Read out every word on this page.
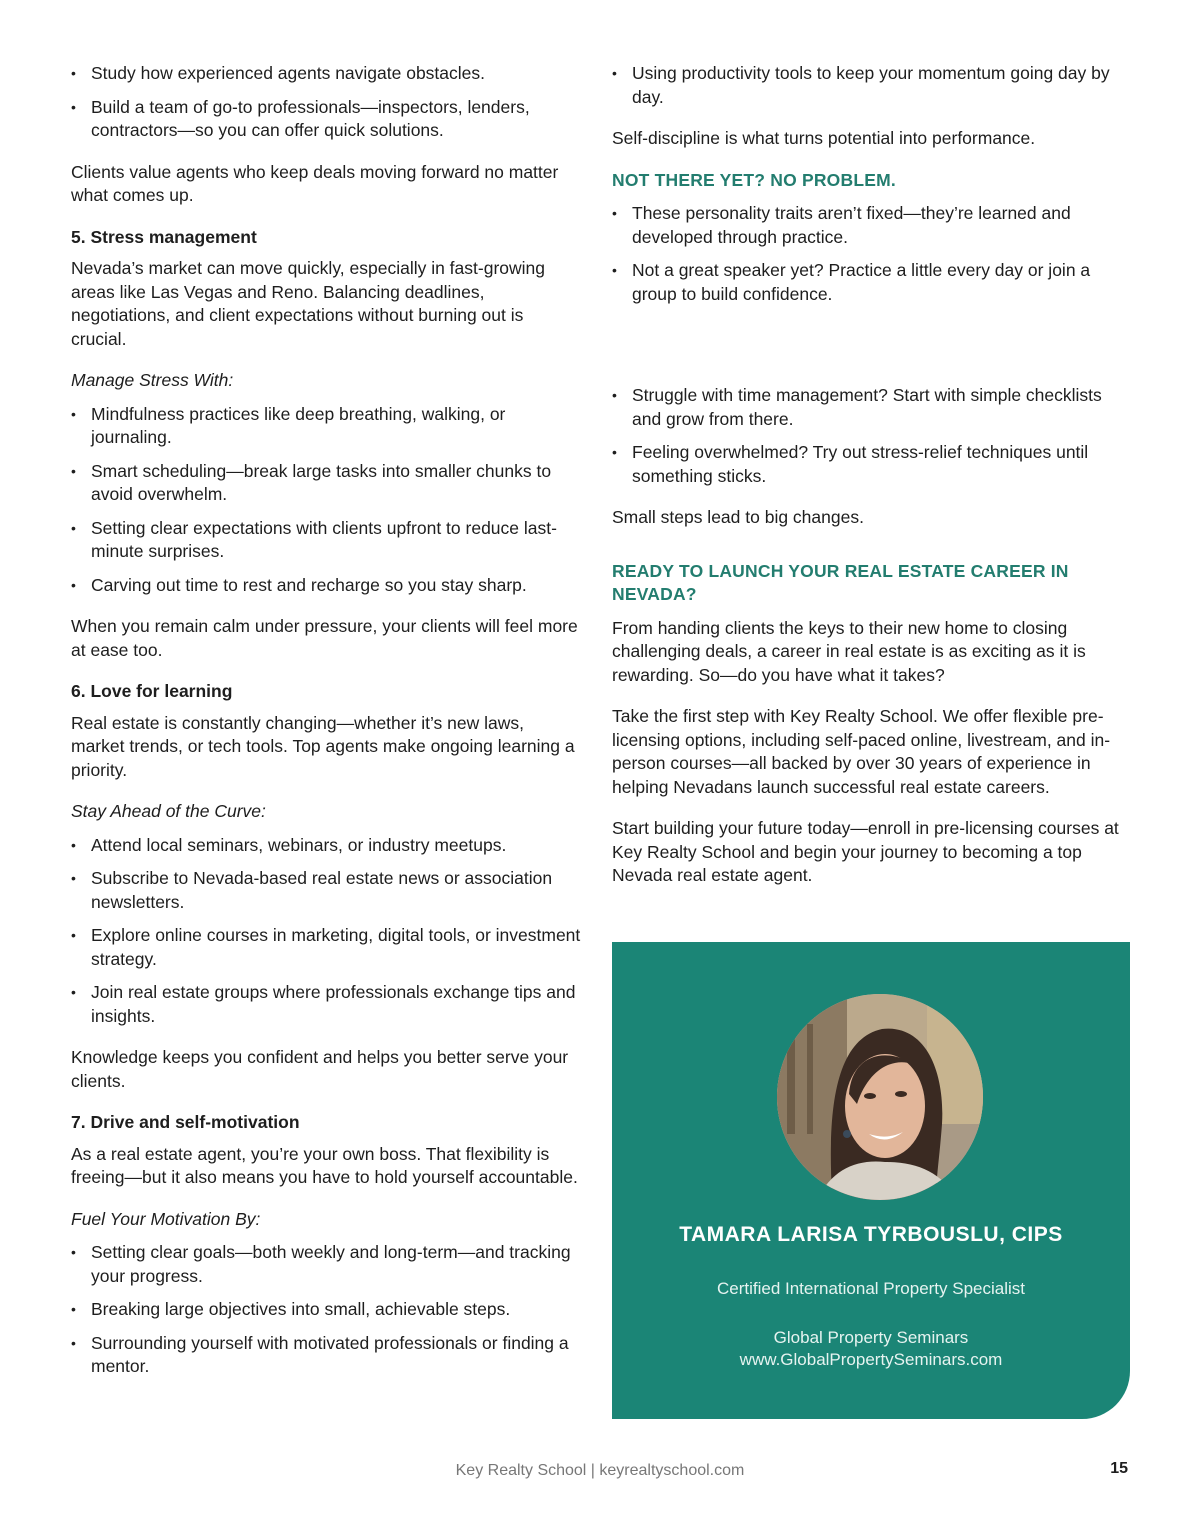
• Study how experienced agents navigate obstacles.
• Build a team of go-to professionals—inspectors, lenders, contractors—so you can offer quick solutions.

Clients value agents who keep deals moving forward no matter what comes up.

5. Stress management

Nevada’s market can move quickly, especially in fast-growing areas like Las Vegas and Reno. Balancing deadlines, negotiations, and client expectations without burning out is crucial.

Manage Stress With:
• Mindfulness practices like deep breathing, walking, or journaling.
• Smart scheduling—break large tasks into smaller chunks to avoid overwhelm.
• Setting clear expectations with clients upfront to reduce last-minute surprises.
• Carving out time to rest and recharge so you stay sharp.

When you remain calm under pressure, your clients will feel more at ease too.

6. Love for learning

Real estate is constantly changing—whether it’s new laws, market trends, or tech tools. Top agents make ongoing learning a priority.

Stay Ahead of the Curve:
• Attend local seminars, webinars, or industry meetups.
• Subscribe to Nevada-based real estate news or association newsletters.
• Explore online courses in marketing, digital tools, or investment strategy.
• Join real estate groups where professionals exchange tips and insights.

Knowledge keeps you confident and helps you better serve your clients.

7. Drive and self-motivation

As a real estate agent, you’re your own boss. That flexibility is freeing—but it also means you have to hold yourself accountable.

Fuel Your Motivation By:
• Setting clear goals—both weekly and long-term—and tracking your progress.
• Breaking large objectives into small, achievable steps.
• Surrounding yourself with motivated professionals or finding a mentor.
• Using productivity tools to keep your momentum going day by day.

Self-discipline is what turns potential into performance.

NOT THERE YET? NO PROBLEM.
• These personality traits aren’t fixed—they’re learned and developed through practice.
• Not a great speaker yet? Practice a little every day or join a group to build confidence.
• Struggle with time management? Start with simple checklists and grow from there.
• Feeling overwhelmed? Try out stress-relief techniques until something sticks.

Small steps lead to big changes.

READY TO LAUNCH YOUR REAL ESTATE CAREER IN NEVADA?

From handing clients the keys to their new home to closing challenging deals, a career in real estate is as exciting as it is rewarding. So—do you have what it takes?

Take the first step with Key Realty School. We offer flexible pre-licensing options, including self-paced online, livestream, and in-person courses—all backed by over 30 years of experience in helping Nevadans launch successful real estate careers.

Start building your future today—enroll in pre-licensing courses at Key Realty School and begin your journey to becoming a top Nevada real estate agent.

TAMARA LARISA TYRBOUSLU, CIPS
Certified International Property Specialist
Global Property Seminars
www.GlobalPropertySeminars.com
Key Realty School | keyrealtyschool.com	15
